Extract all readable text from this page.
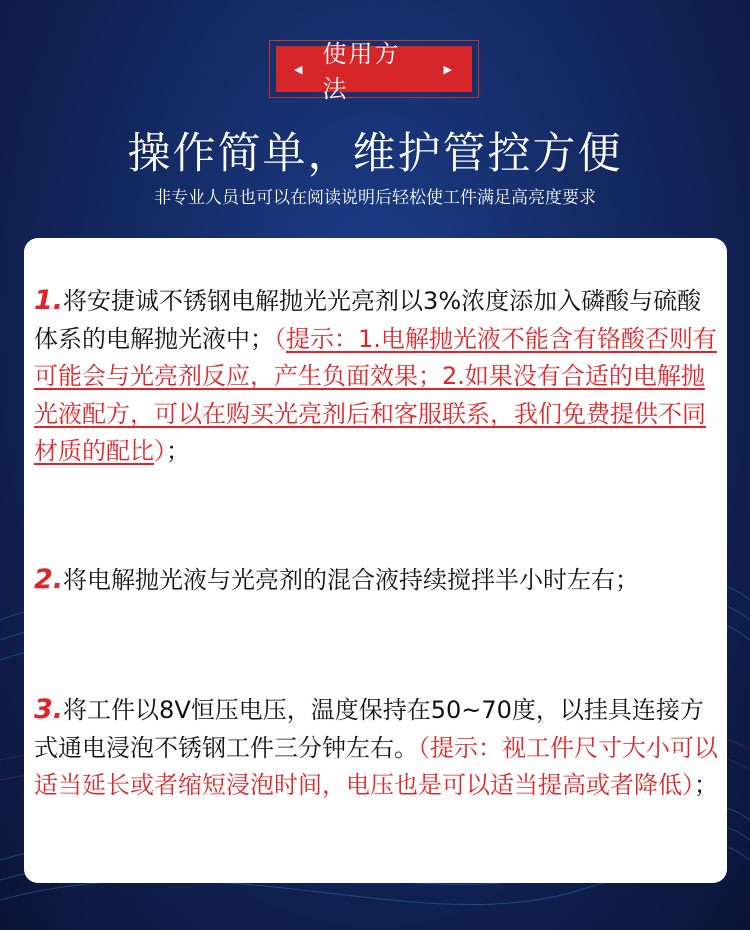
◀
使用方法
▶
操作简单，维护管控方便
非专业人员也可以在阅读说明后轻松使工件满足高亮度要求
1.将安捷诚不锈钢电解抛光光亮剂以3%浓度添加入磷酸与硫酸体系的电解抛光液中；（提示：1.电解抛光液不能含有铬酸否则有可能会与光亮剂反应，产生负面效果；2.如果没有合适的电解抛光液配方，可以在购买光亮剂后和客服联系，我们免费提供不同材质的配比）；
2.将电解抛光液与光亮剂的混合液持续搅拌半小时左右；
3.将工件以8V恒压电压，温度保持在50~70度，以挂具连接方式通电浸泡不锈钢工件三分钟左右。（提示：视工件尺寸大小可以适当延长或者缩短浸泡时间，电压也是可以适当提高或者降低）；
